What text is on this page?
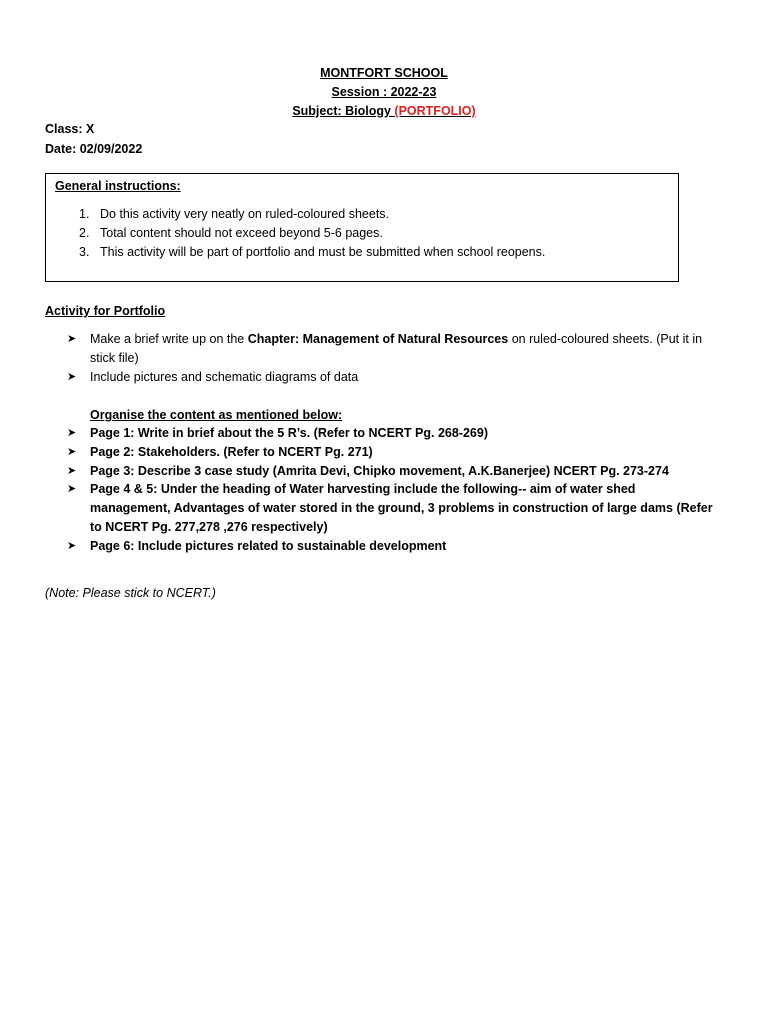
MONTFORT SCHOOL
Session : 2022-23
Subject: Biology (PORTFOLIO)
Class: X
Date: 02/09/2022
General instructions:
1. Do this activity very neatly on ruled-coloured sheets.
2. Total content should not exceed beyond 5-6 pages.
3. This activity will be part of portfolio and must be submitted when school reopens.
Activity for Portfolio
➤ Make a brief write up on the Chapter: Management of Natural Resources on ruled-coloured sheets. (Put it in stick file)
➤ Include pictures and schematic diagrams of data
Organise the content as mentioned below:
➤ Page 1: Write in brief about the 5 R’s. (Refer to NCERT Pg. 268-269)
➤ Page 2: Stakeholders. (Refer to NCERT Pg. 271)
➤ Page 3: Describe 3 case study (Amrita Devi, Chipko movement, A.K.Banerjee) NCERT Pg. 273-274
➤ Page 4 & 5: Under the heading of Water harvesting include the following-- aim of water shed management, Advantages of water stored in the ground, 3 problems in construction of large dams (Refer to NCERT Pg. 277,278 ,276 respectively)
➤ Page 6: Include pictures related to sustainable development
(Note: Please stick to NCERT.)
